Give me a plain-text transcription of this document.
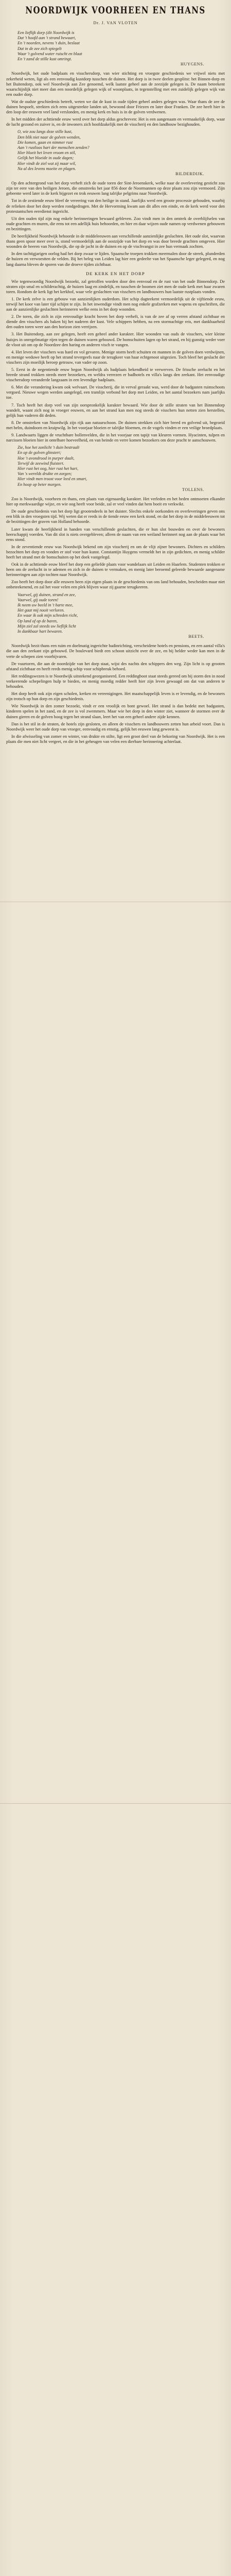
NOORDWIJK VOORHEEN EN THANS
Dr. J. VAN VLOTEN
Een lieflijk dorp (dit Noordwijk is
Dat 't hoofd aan 't strand bewaart,
En 't noorden, nevens 't duin, beslaat
Dat in de zee zich spiegelt
Waar 't golvend water ruischt en blaat
En 't zand de stille kust omringt.
HUYGENS.

Noordwijk, het oude badplaats en visschersdorp, van wier stichting en vroegste geschiedenis we vrijwel niets met zekerheid weten, ligt als een eenvoudig kustdorp tusschen de duinen. Het dorp is in twee deelen gesplitst: het Binnen-dorp en het Buitendorp, ook wel Noordwijk aan Zee genoemd, welk laatste geheel aan de zeezijde gelegen is. De naam beteekent waarschijnlijk niet meer dan een noordelijk gelegen wijk of woonplaats, in tegenstelling met een zuidelijk gelegen wijk van een ouder dorp.

Wat de oudste geschiedenis betreft, weten we dat de kust in oude tijden geheel anders gelegen was. Waar thans de zee de duinen bespoelt, strekten zich eens uitgestrekte landen uit, bewoond door Friezen en later door Franken. De zee heeft hier in den loop der eeuwen veel land verslonden, en menig kerk en huis is in de golven verdwenen.

In het midden der achttiende eeuw werd over het dorp aldus geschreven: Het is een aangenaam en vermaakelijk dorp, waar de lucht gezond en zuiver is, en de inwoners zich hoofdzakelijk met de visscherij en den landbouw bezighouden.

O, wie zou langs deze stille kust,
Den blik niet naar de golven wenden,
Die komen, gaan en nimmer rust
Aan 't rustloos hart der menschen zenden?
Hier bloeit het leven vroom en stil,
Gelijk het bloeide in oude dagen;
Hier vindt de ziel wat zij maar wil,
Na al des levens moeite en plagen.
BILDERDIJK.

Op den achtergrond van het dorp verheft zich de oude toren der Sint-Jeroenskerk, welke naar de overlevering gesticht zou zijn ter eere van den heiligen Jeroen, die omstreeks het jaar 856 door de Noormannen op deze plaats zou zijn vermoord. Zijn gebeente werd later in de kerk bijgezet en trok eeuwen lang talrijke pelgrims naar Noordwijk.

Tot in de zestiende eeuw bleef de vereering van den heilige in stand. Jaarlijks werd een groote processie gehouden, waarbij de relieken door het dorp werden rondgedragen. Met de Hervorming kwam aan dit alles een einde, en de kerk werd voor den protestantschen eeredienst ingericht.

Uit den ouden tijd zijn nog enkele herinneringen bewaard gebleven. Zoo vindt men in den omtrek de overblijfselen van oude grachten en muren, die eens tot een adellijk huis behoorden, en hier en daar wijzen oude namen op verdwenen gebouwen en bezittingen.

De heerlijkheid Noordwijk behoorde in de middeleeuwen aan verschillende aanzienlijke geslachten. Het oude slot, waarvan thans geen spoor meer over is, stond vermoedelijk aan de oostzijde van het dorp en was door breede grachten omgeven. Hier woonden de heeren van Noordwijk, die op de jacht in de duinen en op de vischvangst in zee hun vermaak zochten.

In den tachtigjarigen oorlog had het dorp zwaar te lijden. Spaansche troepen trokken meermalen door de streek, plunderden de huizen en verwoestten de velden. Bij het beleg van Leiden lag hier een gedeelte van het Spaansche leger gelegerd, en nog lang daarna bleven de sporen van die droeve tijden zichtbaar.

DE KERK EN HET DORP

Wie tegenwoordig Noordwijk bezoekt, zal getroffen worden door den eenvoud en de rust van het oude Binnendorp. De straten zijn smal en schilderachtig, de huizen laag en zindelijk, en tusschen de boomen ziet men de oude kerk met haar zwaren toren. Rondom de kerk ligt het kerkhof, waar vele geslachten van visschers en landbouwers hun laatste rustplaats vonden.

1. De kerk zelve is een gebouw van aanzienlijken ouderdom. Het schip dagteekent vermoedelijk uit de vijftiende eeuw, terwijl het koor van later tijd schijnt te zijn. In het inwendige vindt men nog enkele grafzerken met wapens en opschriften, die aan de aanzienlijke geslachten herinneren welke eens in het dorp woonden.

2. De toren, die zich in zijn eenvoudige kracht boven het dorp verheft, is van de zee af op verren afstand zichtbaar en diende den visschers als baken bij het naderen der kust. Vele schippers hebben, na een stormachtige reis, met dankbaarheid den ouden toren weer aan den horizon zien verrijzen.

3. Het Buitendorp, aan zee gelegen, heeft een geheel ander karakter. Hier woonden van ouds de visschers, wier kleine huisjes in onregelmatige rijen tegen de duinen waren gebouwd. De bomschuiten lagen op het strand, en bij gunstig weder voer de vloot uit om op de Noordzee den haring en anderen visch te vangen.

4. Het leven der visschers was hard en vol gevaren. Menige storm heeft schuiten en mannen in de golven doen verdwijnen, en menige weduwe heeft op het strand tevergeefs naar de terugkeer van haar echtgenoot uitgezien. Toch bleef het geslacht der visschers zijn moeilijk beroep getrouw, van vader op zoon.

5. Eerst in de negentiende eeuw begon Noordwijk als badplaats bekendheid te verwerven. De frissche zeelucht en het breede strand trokken steeds meer bezoekers, en weldra verrezen er badhotels en villa's langs den zeekant. Het eenvoudige visschersdorp veranderde langzaam in een levendige badplaats.

6. Met die verandering kwam ook welvaart. De visscherij, die in verval geraakt was, werd door de badgasten ruimschoots vergoed. Nieuwe wegen werden aangelegd, een tramlijn verbond het dorp met Leiden, en het aantal bezoekers nam jaarlijks toe.

7. Toch heeft het dorp veel van zijn oorspronkelijk karakter bewaard. Wie door de stille straten van het Binnendorp wandelt, waant zich nog in vroeger eeuwen, en aan het strand kan men nog steeds de visschers hun netten zien herstellen, gelijk hun vaderen dit deden.

8. De omstreken van Noordwijk zijn rijk aan natuurschoon. De duinen strekken zich hier breed en golvend uit, begroeid met helm, duindoorn en kruipwilg. In het voorjaar bloeien er talrijke bloemen, en de vogels vinden er een veilige broedplaats.

9. Landwaarts liggen de vruchtbare bollenvelden, die in het voorjaar een tapijt van kleuren vormen. Hyacinten, tulpen en narcissen bloeien hier in ontelbare hoeveelheid, en van heinde en verre komen bezoekers om deze pracht te aanschouwen.

Zie, hoe het zonlicht 't duin bestraalt
En op de golven glinstert;
Hoe 't avondrood in purper daalt,
Terwijl de zeewind fluistert.
Hier rust het oog, hier rust het hart,
Van 's werelds drukte en zorgen;
Hier vindt men troost voor leed en smart,
En hoop op beter morgen.
TOLLENS.

Zoo is Noordwijk, voorheen en thans, een plaats van eigenaardig karakter. Het verleden en het heden ontmoeten elkander hier op merkwaardige wijze, en wie oog heeft voor beide, zal er veel vinden dat hem boeit en verkwikt.

De oude geschiedenis van het dorp ligt grootendeels in het duister. Slechts enkele oorkonden en overleveringen geven ons een blik in den vroegsten tijd. Wij weten dat er reeds in de tiende eeuw een kerk stond, en dat het dorp in de middeleeuwen tot de bezittingen der graven van Holland behoorde.

Later kwam de heerlijkheid in handen van verschillende geslachten, die er hun slot bouwden en over de bewoners heerschappij voerden. Van dit slot is niets overgebleven; alleen de naam van een weiland herinnert nog aan de plaats waar het eens stond.

In de zeventiende eeuw was Noordwijk bekend om zijn visscherij en om de vlijt zijner bewoners. Dichters en schilders bezochten het dorp en vonden er stof voor hun kunst. Constantijn Huygens vermeldt het in zijn gedichten, en menig schilder heeft het strand met de bomschuiten op het doek vastgelegd.

Ook in de achttiende eeuw bleef het dorp een geliefde plaats voor wandelaars uit Leiden en Haarlem. Studenten trokken er heen om de zeelucht in te ademen en zich in de duinen te vermaken, en menig later beroemd geleerde bewaarde aangename herinneringen aan zijn tochten naar Noordwijk.

Zoo heeft het dorp door alle eeuwen heen zijn eigen plaats in de geschiedenis van ons land behouden, bescheiden maar niet onbeteekenend, en zal het voor velen een plek blijven waar zij gaarne terugkeeren.

Vaarwel, gij duinen, strand en zee,
Vaarwel, gij oude toren!
Ik neem uw beeld in 't harte mee,
Het gaat mij nooit verloren.
En waar ik ook mijn schreden richt,
Op land of op de baren,
Mijn ziel zal steeds uw lieflijk licht
In dankbaar hart bewaren.
BEETS.

Noordwijk bezit thans een ruim en doelmatig ingerichte badinrichting, verscheidene hotels en pensions, en een aantal villa's die aan den zeekant zijn gebouwd. De boulevard biedt een schoon uitzicht over de zee, en bij helder weder kan men in de verte de schepen zien voorbijvaren.

De vuurtoren, die aan de noordzijde van het dorp staat, wijst des nachts den schippers den weg. Zijn licht is op grooten afstand zichtbaar en heeft reeds menig schip voor schipbreuk behoed.

Het reddingswezen is te Noordwijk uitstekend georganiseerd. Een reddingboot staat steeds gereed om bij storm den in nood verkeerende schepelingen hulp te bieden, en menig moedig redder heeft hier zijn leven gewaagd om dat van anderen te behouden.

Het dorp heeft ook zijn eigen scholen, kerken en vereenigingen. Het maatschappelijk leven is er levendig, en de bewoners zijn trotsch op hun dorp en zijn geschiedenis.

Wie Noordwijk in den zomer bezoekt, vindt er een vroolijk en bont gewoel. Het strand is dan bedekt met badgasten, kinderen spelen in het zand, en de zee is vol zwemmers. Maar wie het dorp in den winter ziet, wanneer de stormen over de duinen gieren en de golven hoog tegen het strand slaan, leert het van een geheel andere zijde kennen.

Dan is het stil in de straten, de hotels zijn gesloten, en alleen de visschers en landbouwers zetten hun arbeid voort. Dan is Noordwijk weer het oude dorp van vroeger, eenvoudig en ernstig, gelijk het eeuwen lang geweest is.

In die afwisseling van zomer en winter, van drukte en stilte, ligt een groot deel van de bekoring van Noordwijk. Het is een plaats die men niet licht vergeet, en die in het geheugen van velen een dierbare herinnering achterlaat.
